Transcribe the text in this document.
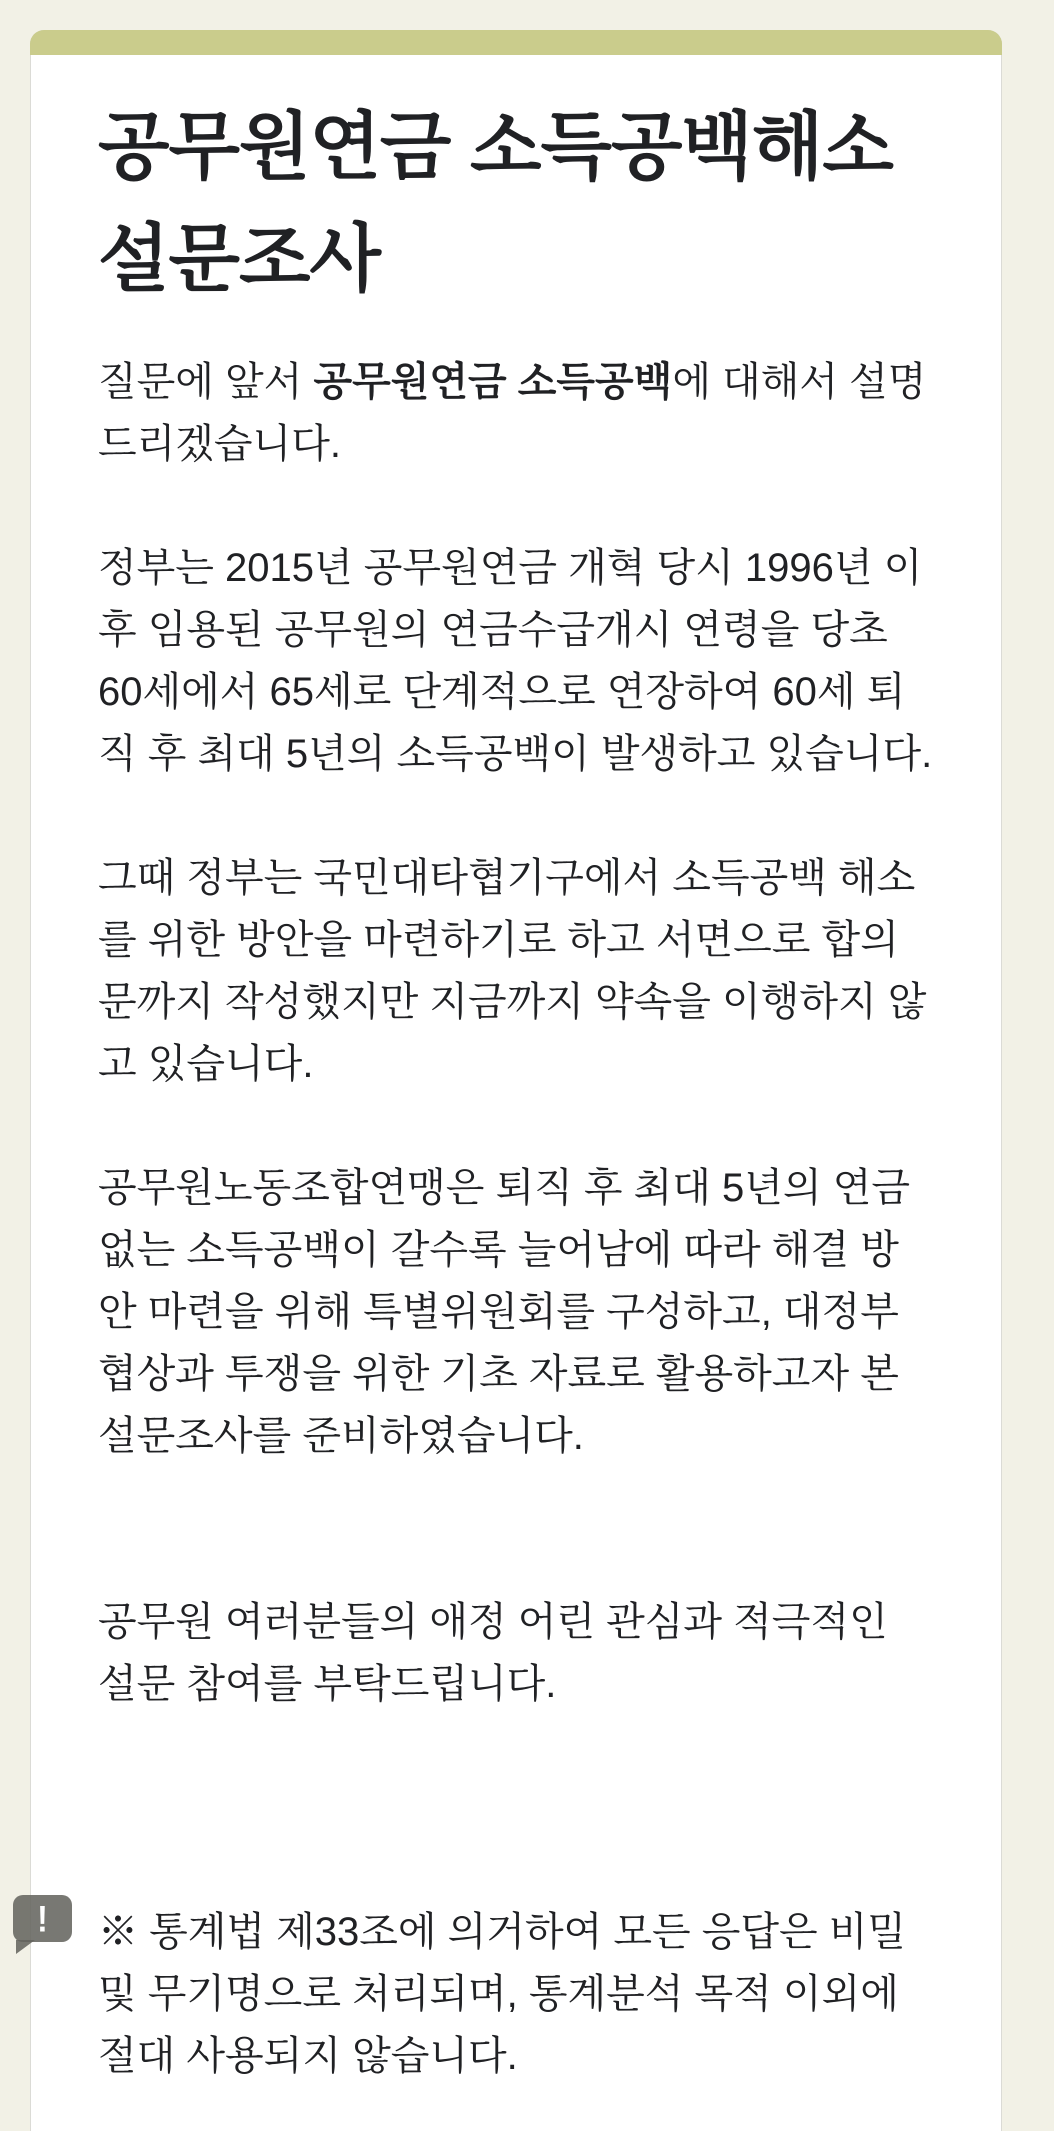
공무원연금 소득공백해소 설문조사

질문에 앞서 공무원연금 소득공백에 대해서 설명드리겠습니다.

정부는 2015년 공무원연금 개혁 당시 1996년 이후 임용된 공무원의 연금수급개시 연령을 당초 60세에서 65세로 단계적으로 연장하여 60세 퇴직 후 최대 5년의 소득공백이 발생하고 있습니다.

그때 정부는 국민대타협기구에서 소득공백 해소를 위한 방안을 마련하기로 하고 서면으로 합의문까지 작성했지만 지금까지 약속을 이행하지 않고 있습니다.

공무원노동조합연맹은 퇴직 후 최대 5년의 연금 없는 소득공백이 갈수록 늘어남에 따라 해결 방안 마련을 위해 특별위원회를 구성하고, 대정부 협상과 투쟁을 위한 기초 자료로 활용하고자 본 설문조사를 준비하였습니다.

공무원 여러분들의 애정 어린 관심과 적극적인 설문 참여를 부탁드립니다.

※ 통계법 제33조에 의거하여 모든 응답은 비밀 및 무기명으로 처리되며, 통계분석 목적 이외에 절대 사용되지 않습니다.

!
